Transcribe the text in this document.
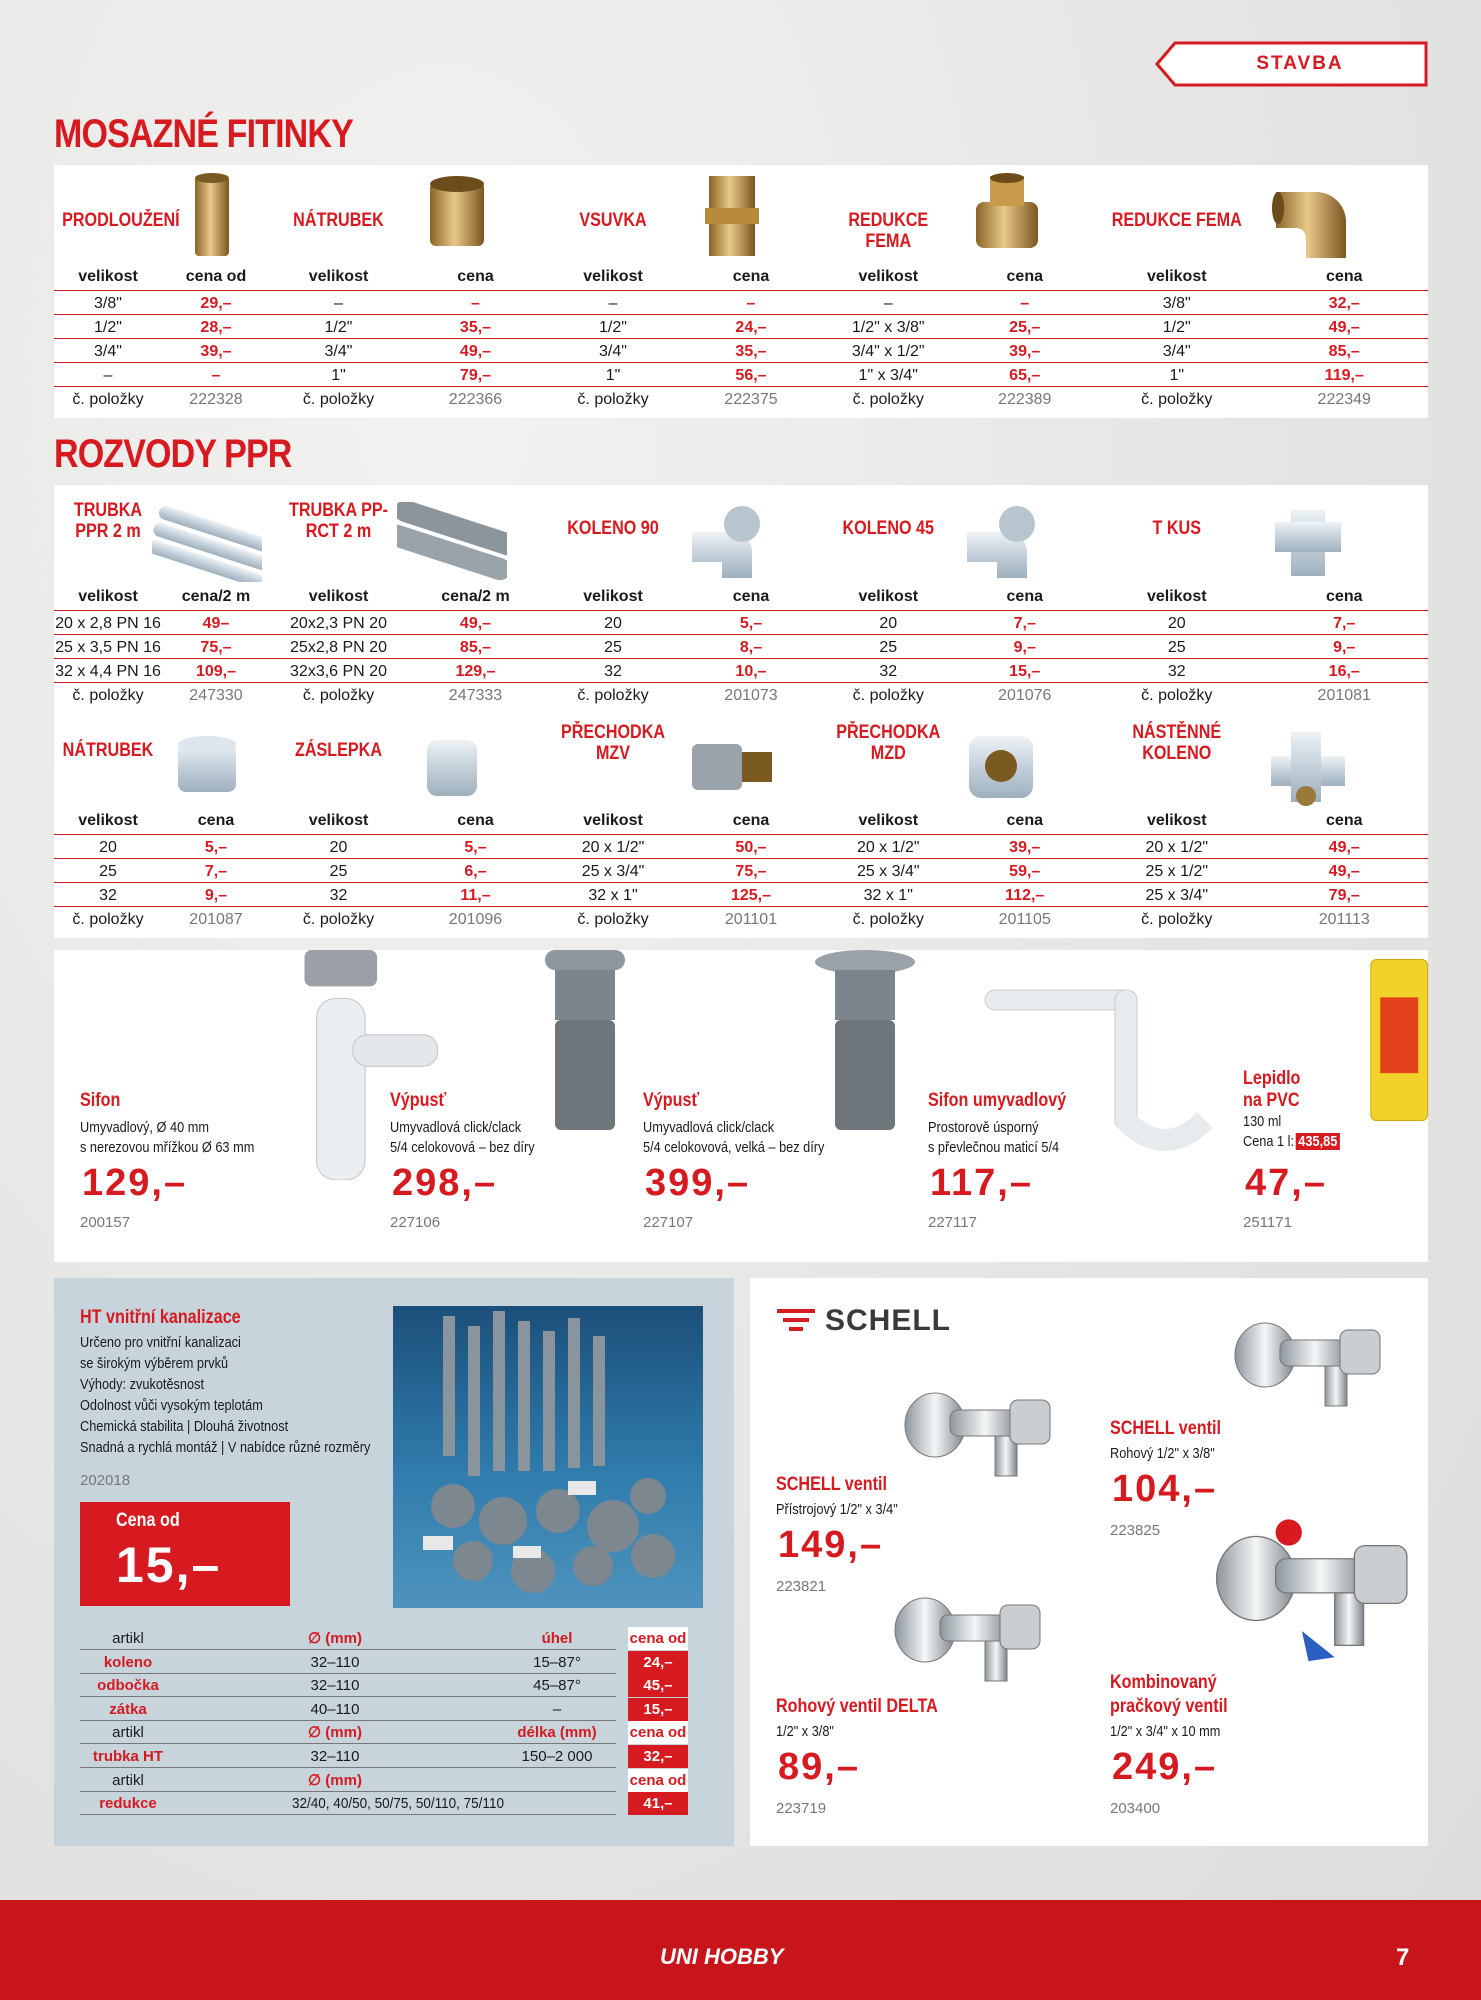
STAVBA
MOSAZNÉ FITINKY
ROZVODY PPR
PRODLOUŽENÍ
velikost	cena od
3/8"	29,–
1/2"	28,–
3/4"	39,–
–	–
č. položky	222328
NÁTRUBEK
velikost	cena
–	–
1/2"	35,–
3/4"	49,–
1"	79,–
č. položky	222366
VSUVKA
velikost	cena
–	–
1/2"	24,–
3/4"	35,–
1"	56,–
č. položky	222375
REDUKCE FEMA
velikost	cena
–	–
1/2" x 3/8"	25,–
3/4" x 1/2"	39,–
1" x 3/4"	65,–
č. položky	222389
REDUKCE FEMA
velikost	cena
3/8"	32,–
1/2"	49,–
3/4"	85,–
1"	119,–
č. položky	222349
TRUBKA PPR 2 m
velikost	cena/2 m
20 x 2,8 PN 16	49–
25 x 3,5 PN 16	75,–
32 x 4,4 PN 16	109,–
č. položky	247330
TRUBKA PP-RCT 2 m
velikost	cena/2 m
20x2,3 PN 20	49,–
25x2,8 PN 20	85,–
32x3,6 PN 20	129,–
č. položky	247333
KOLENO 90
velikost	cena
20	5,–
25	8,–
32	10,–
č. položky	201073
KOLENO 45
velikost	cena
20	7,–
25	9,–
32	15,–
č. položky	201076
T KUS
velikost	cena
20	7,–
25	9,–
32	16,–
č. položky	201081
NÁTRUBEK
velikost	cena
20	5,–
25	7,–
32	9,–
č. položky	201087
ZÁSLEPKA
velikost	cena
20	5,–
25	6,–
32	11,–
č. položky	201096
PŘECHODKA MZV
velikost	cena
20 x 1/2"	50,–
25 x 3/4"	75,–
32 x 1"	125,–
č. položky	201101
PŘECHODKA MZD
velikost	cena
20 x 1/2"	39,–
25 x 3/4"	59,–
32 x 1"	112,–
č. položky	201105
NÁSTĚNNÉ KOLENO
velikost	cena
20 x 1/2"	49,–
25 x 1/2"	49,–
25 x 3/4"	79,–
č. položky	201113
Sifon
Umyvadlový, Ø 40 mm
s nerezovou mřížkou Ø 63 mm
129,–
200157
Výpusť
Umyvadlová click/clack
5/4 celokovová – bez díry
298,–
227106
Výpusť
Umyvadlová click/clack
5/4 celokovová, velká – bez díry
399,–
227107
Sifon umyvadlový
Prostorově úsporný
s převlečnou maticí 5/4
117,–
227117
Lepidlo
na PVC
130 ml
Cena 1 l: 435,85
47,–
251171
HT vnitřní kanalizace
Určeno pro vnitřní kanalizaci
se širokým výběrem prvků
Výhody: zvukotěsnost
Odolnost vůči vysokým teplotám
Chemická stabilita | Dlouhá životnost
Snadná a rychlá montáž | V nabídce různé rozměry
202018
Cena od
15,–
artikl	∅ (mm)	úhel	cena od
koleno	32–110	15–87°	24,–
odbočka	32–110	45–87°	45,–
zátka	40–110	–	15,–
artikl	∅ (mm)	délka (mm)	cena od
trubka HT	32–110	150–2 000	32,–
artikl	∅ (mm)	cena od
redukce	32/40, 40/50, 50/75, 50/110, 75/110	41,–
SCHELL
SCHELL ventil
Rohový 1/2" x 3/8"
104,–
223825
SCHELL ventil
Přístrojový 1/2" x 3/4"
149,–
223821
Rohový ventil DELTA
1/2" x 3/8"
89,–
223719
Kombinovaný
pračkový ventil
1/2" x 3/4" x 10 mm
249,–
203400
UNI HOBBY	7
